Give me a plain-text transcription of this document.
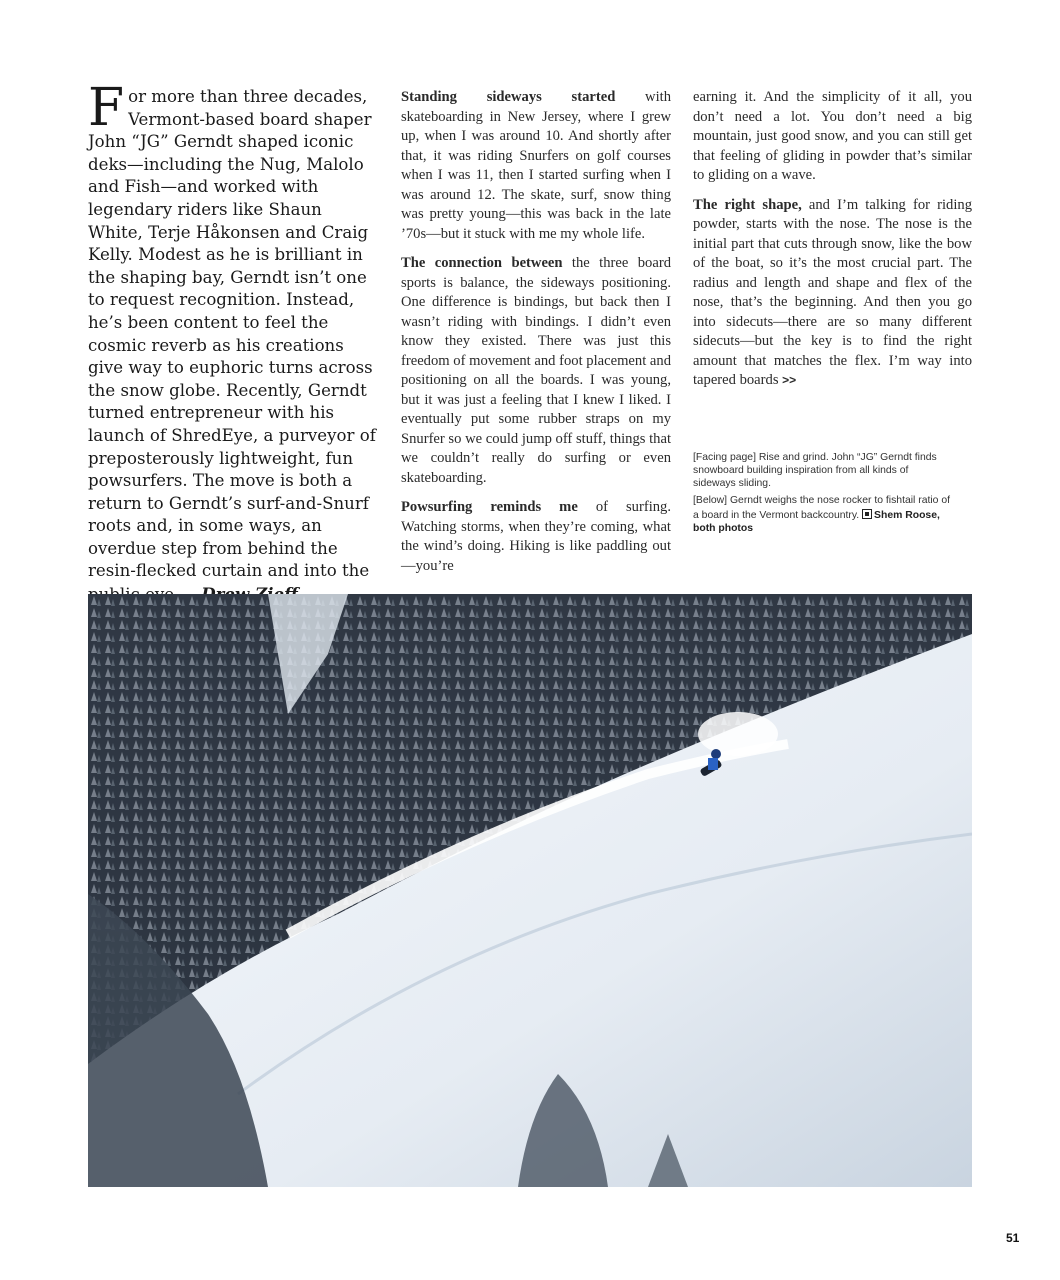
For more than three decades, Vermont-based board shaper John “JG” Gerndt shaped iconic deks—including the Nug, Malolo and Fish—and worked with legendary riders like Shaun White, Terje Håkonsen and Craig Kelly. Modest as he is brilliant in the shaping bay, Gerndt isn’t one to request recognition. Instead, he’s been content to feel the cosmic reverb as his creations give way to euphoric turns across the snow globe. Recently, Gerndt turned entrepreneur with his launch of ShredEye, a purveyor of preposterously lightweight, fun powsurfers. The move is both a return to Gerndt’s surf-and-Snurf roots and, in some ways, an overdue step from behind the resin-flecked curtain and into the

Standing sideways started with skateboarding in New Jersey, where I grew up, when I was around 10. And shortly after that, it was riding Snurfers on golf courses when I was 11, then I started surfing when I was around 12. The skate, surf, snow thing was pretty young—this was back in the late ’70s—but it stuck with me my whole life.

The connection between the three board sports is balance, the sideways positioning. One difference is bindings, but back then I wasn’t riding with bindings. I didn’t even know they existed. There was just this freedom of movement and foot placement and positioning on all the boards. I was young, but it was just a feeling that I knew I liked. I eventually put some rubber straps on my Snurfer so we could jump off stuff, things that we couldn’t really do surfing or even skateboarding.

Powsurfing reminds me of surfing. Watching storms, when they’re coming, what the wind’s doing. Hiking is like paddling out—you’re

earning it. And the simplicity of it all, you don’t need a lot. You don’t need a big mountain, just good snow, and you can still get that feeling of gliding in powder that’s similar to gliding on a wave.

The right shape, and I’m talking for riding powder, starts with the nose. The nose is the initial part that cuts through snow, like the bow of the boat, so it’s the most crucial part. The radius and length and shape and flex of the nose, that’s the beginning. And then you go into sidecuts—there are so many different sidecuts—but the key is to find the right amount that matches the flex. I’m way into tapered boards >>

[Facing page] Rise and grind. John “JG” Gerndt finds snowboard building inspiration from all kinds of sideways sliding.

[Below] Gerndt weighs the nose rocker to fishtail ratio of a board in the Vermont backcountry. Shem Roose, both photos

51
